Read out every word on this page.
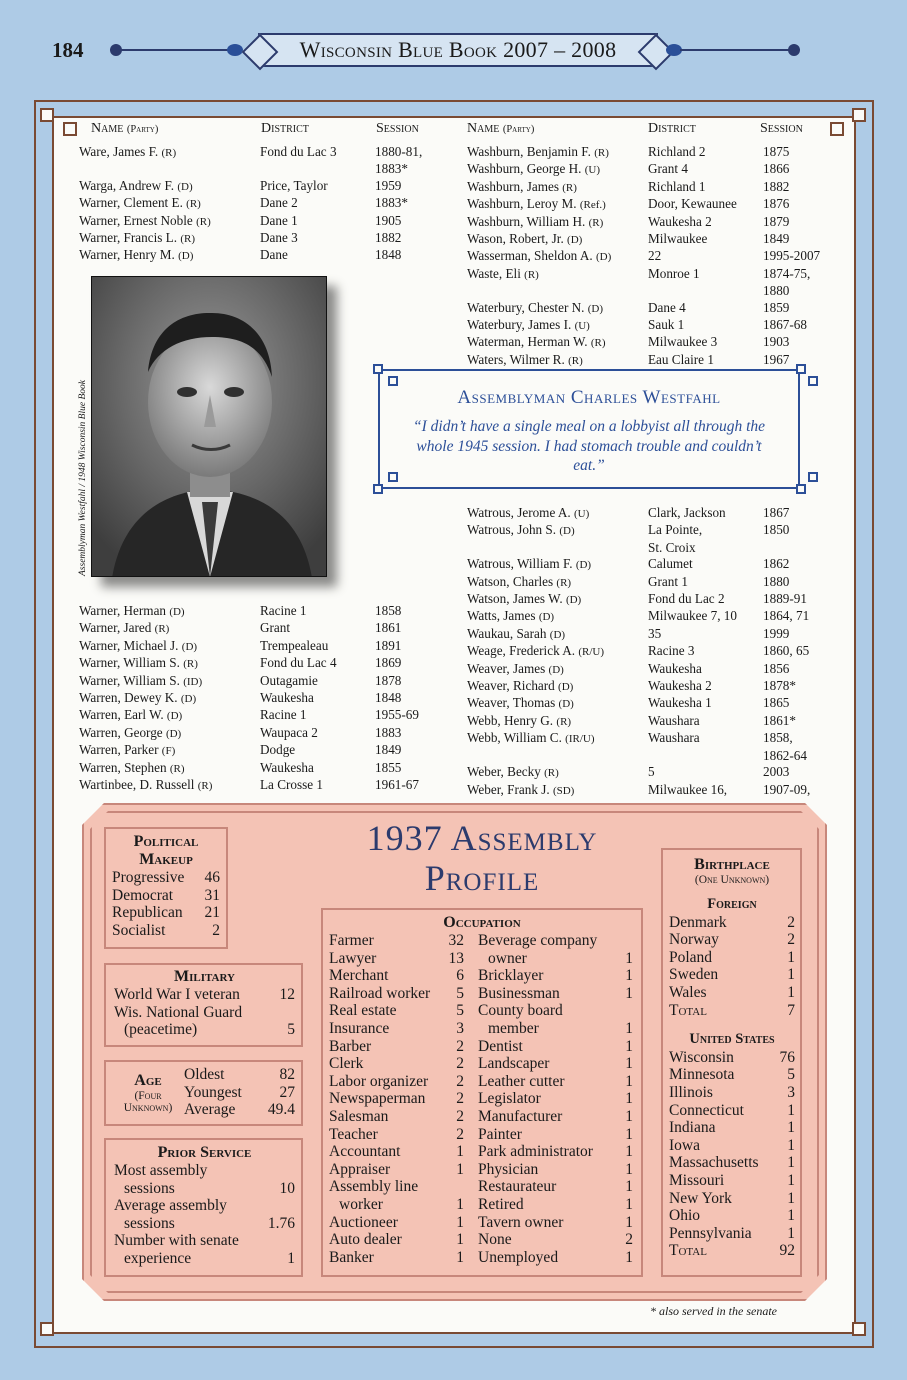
184	Wisconsin Blue Book 2007 – 2008
Name (Party)	District	Session	Name (Party)	District	Session
Ware, James F. (R)	Fond du Lac 3	1880-81,
1883*
Warga, Andrew F. (D)	Price, Taylor	1959
Warner, Clement E. (R)	Dane 2	1883*
Warner, Ernest Noble (R)	Dane 1	1905
Warner, Francis L. (R)	Dane 3	1882
Warner, Henry M. (D)	Dane	1848
Warner, Herman (D)	Racine 1	1858
Warner, Jared (R)	Grant	1861
Warner, Michael J. (D)	Trempealeau	1891
Warner, William S. (R)	Fond du Lac 4	1869
Warner, William S. (ID)	Outagamie	1878
Warren, Dewey K. (D)	Waukesha	1848
Warren, Earl W. (D)	Racine 1	1955-69
Warren, George (D)	Waupaca 2	1883
Warren, Parker (F)	Dodge	1849
Warren, Stephen (R)	Waukesha	1855
Wartinbee, D. Russell (R)	La Crosse 1	1961-67
Washburn, Benjamin F. (R)	Richland 2	1875
Washburn, George H. (U)	Grant 4	1866
Washburn, James (R)	Richland 1	1882
Washburn, Leroy M. (Ref.)	Door, Kewaunee	1876
Washburn, William H. (R)	Waukesha 2	1879
Wason, Robert, Jr. (D)	Milwaukee	1849
Wasserman, Sheldon A. (D)	22	1995-2007
Waste, Eli (R)	Monroe 1	1874-75,
1880
Waterbury, Chester N. (D)	Dane 4	1859
Waterbury, James I. (U)	Sauk 1	1867-68
Waterman, Herman W. (R)	Milwaukee 3	1903
Waters, Wilmer R. (R)	Eau Claire 1	1967
Watrous, Jerome A. (U)	Clark, Jackson	1867
Watrous, John S. (D)	La Pointe,	1850
St. Croix
Watrous, William F. (D)	Calumet	1862
Watson, Charles (R)	Grant 1	1880
Watson, James W. (D)	Fond du Lac 2	1889-91
Watts, James (D)	Milwaukee 7, 10	1864, 71
Waukau, Sarah (D)	35	1999
Weage, Frederick A. (R/U)	Racine 3	1860, 65
Weaver, James (D)	Waukesha	1856
Weaver, Richard (D)	Waukesha 2	1878*
Weaver, Thomas (D)	Waukesha 1	1865
Webb, Henry G. (R)	Waushara	1861*
Webb, William C. (IR/U)	Waushara	1858,
1862-64
Weber, Becky (R)	5	2003
Weber, Frank J. (SD)	Milwaukee 16,	1907-09,
Assemblyman Westfahl / 1948 Wisconsin Blue Book	Assemblyman Charles Westfahl
“I didn’t have a single meal on a lobbyist all through the whole 1945 session. I had stomach trouble and couldn’t eat.”
1937 Assembly
Profile
Political
Makeup
Progressive 46
Democrat 31
Republican 21
Socialist	2
Military
World War I veteran	12
Wis. National Guard
(peacetime)	5
Age
(Four
Unknown)
Oldest	82
Youngest 27
Average 49.4
Prior Service
Most assembly
sessions	10
Average assembly
sessions	1.76
Number with senate
experience	1
Occupation
Farmer	32
Lawyer	13
Merchant	6
Railroad worker 5
Real estate	5
Insurance	3
Barber	2
Clerk	2
Labor organizer 2
Newspaperman 2
Salesman	2
Teacher	2
Accountant	1
Appraiser	1
Assembly line
worker	1
Auctioneer	1
Auto dealer	1
Banker	1
Beverage company
owner	1
Bricklayer	1
Businessman	1
County board
member	1
Dentist	1
Landscaper	1
Leather cutter	1
Legislator	1
Manufacturer	1
Painter	1
Park administrator 1
Physician	1
Restaurateur	1
Retired	1
Tavern owner	1
None	2
Unemployed	1
Birthplace
(One Unknown)
Foreign
Denmark	2
Norway	2
Poland	1
Sweden	1
Wales	1
Total	7
United States
Wisconsin	76
Minnesota	5
Illinois	3
Connecticut	1
Indiana	1
Iowa	1
Massachusetts 1
Missouri	1
New York	1
Ohio	1
Pennsylvania 1
Total	92
* also served in the senate
